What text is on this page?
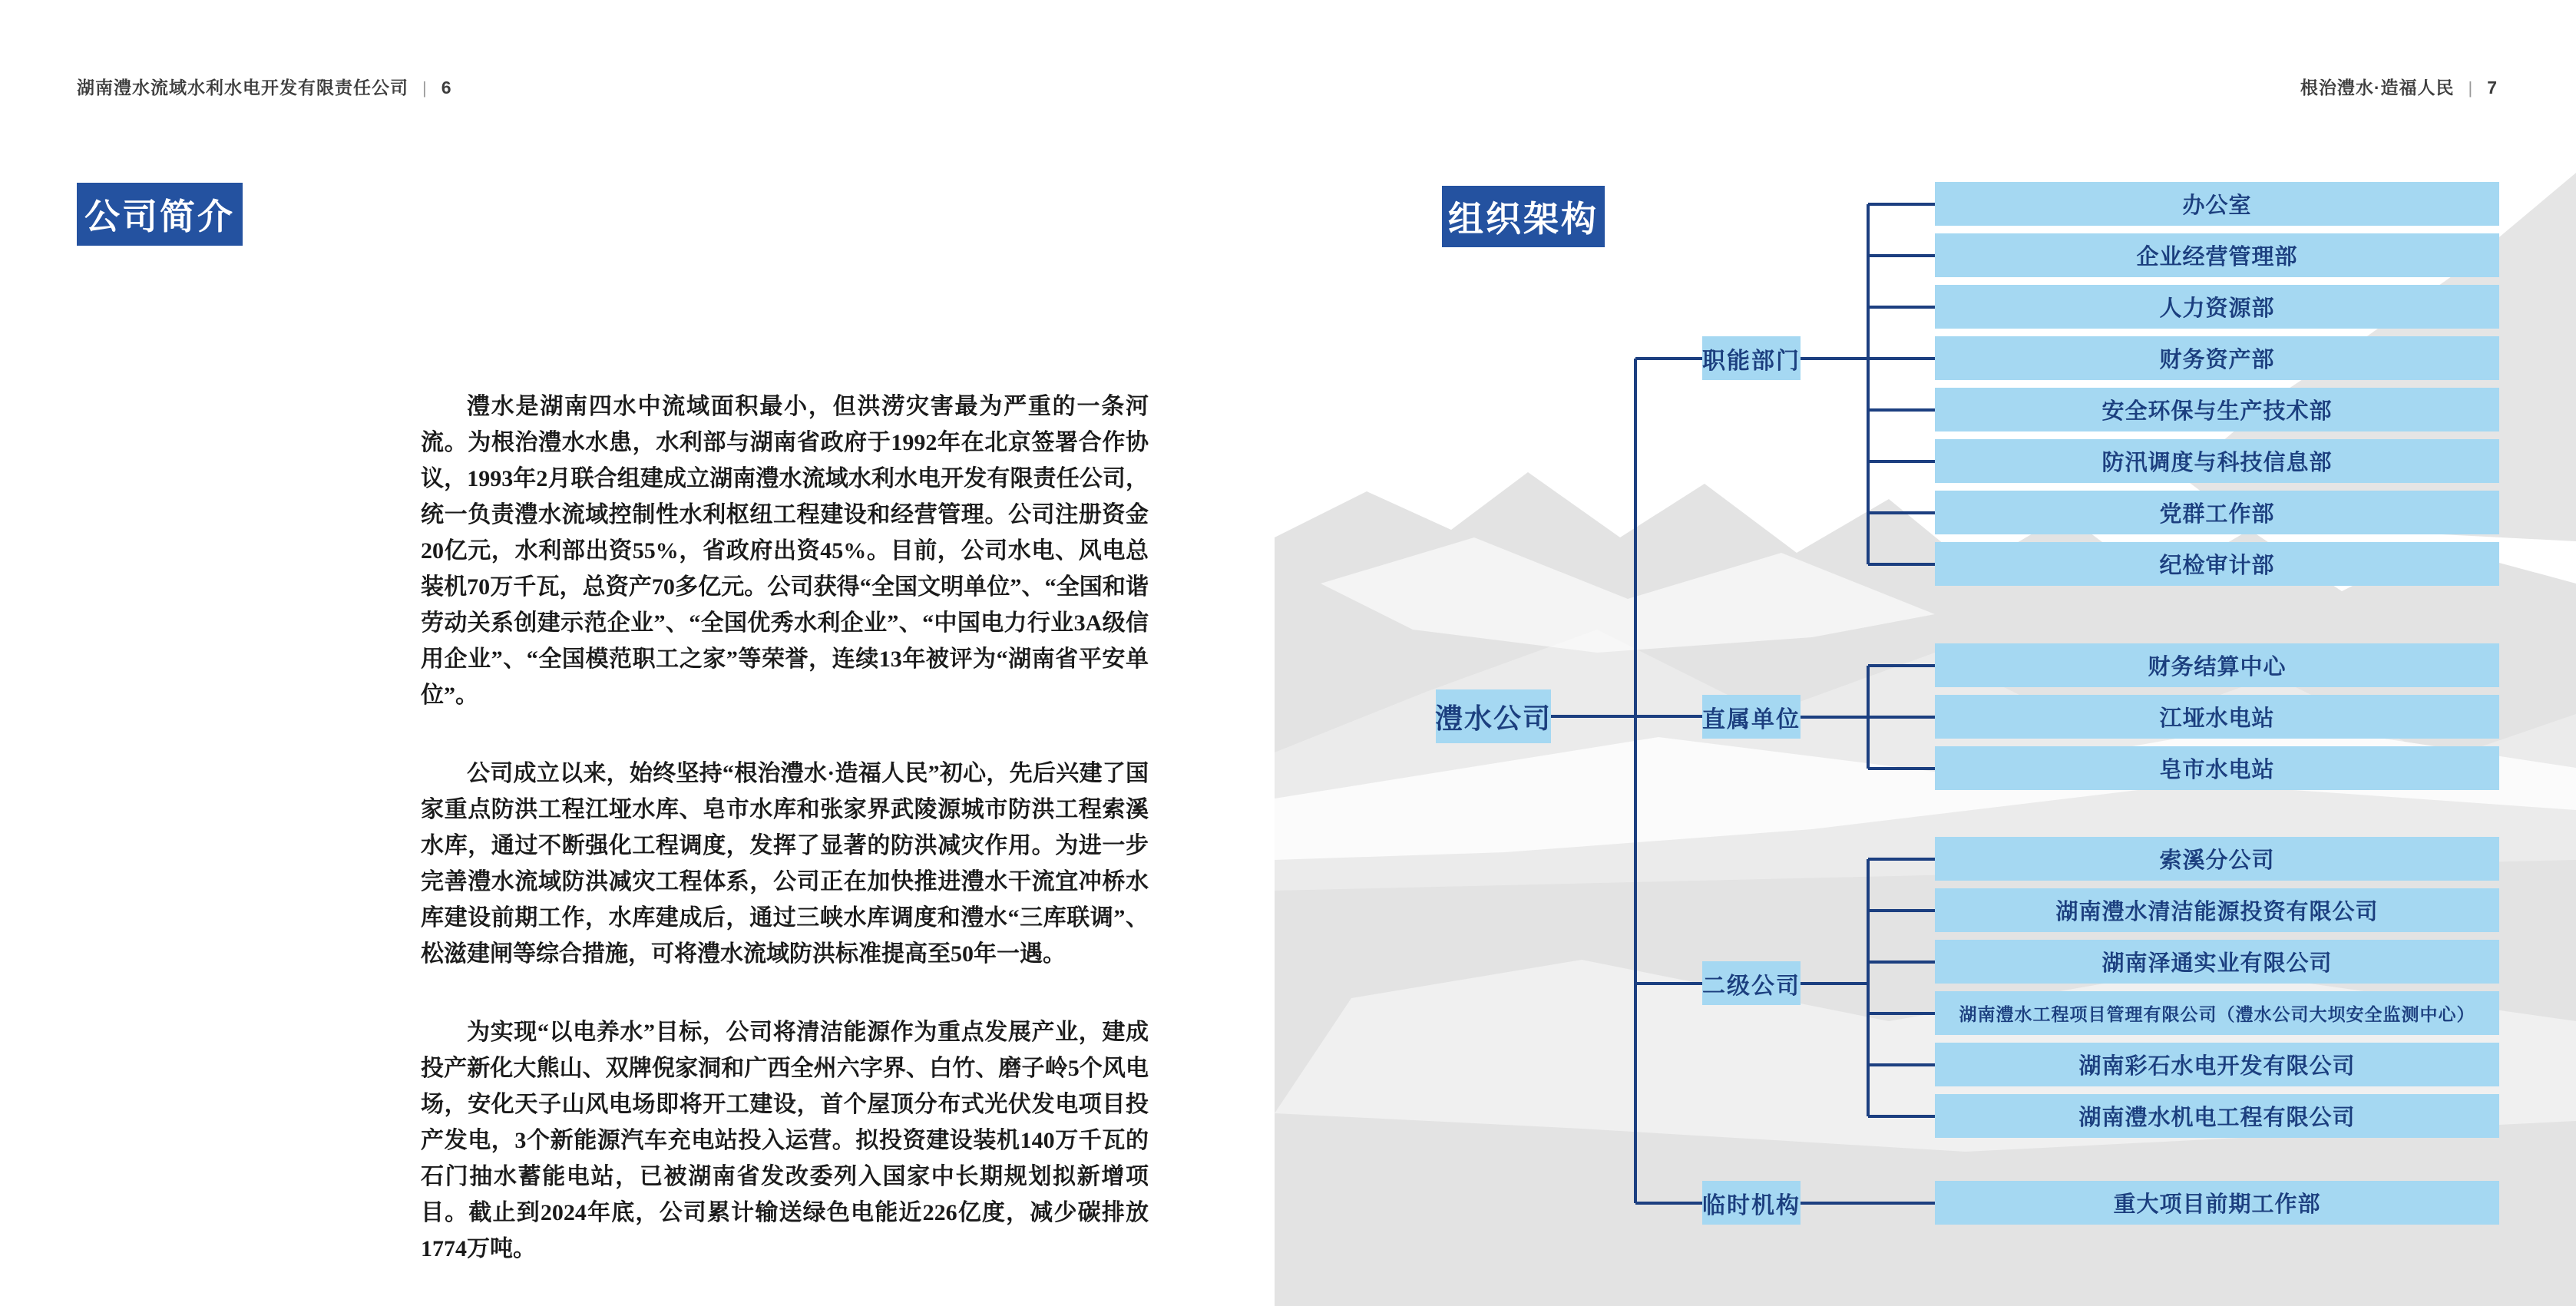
湖南澧水流域水利水电开发有限责任公司 | 6	根治澧水·造福人民 | 7
公司简介	组织架构

澧水是湖南四水中流域面积最小，但洪涝灾害最为严重的一条河流。为根治澧水水患，水利部与湖南省政府于1992年在北京签署合作协议，1993年2月联合组建成立湖南澧水流域水利水电开发有限责任公司，统一负责澧水流域控制性水利枢纽工程建设和经营管理。公司注册资金20亿元，水利部出资55%，省政府出资45%。目前，公司水电、风电总装机70万千瓦，总资产70多亿元。公司获得“全国文明单位”、“全国和谐劳动关系创建示范企业”、“全国优秀水利企业”、“中国电力行业3A级信用企业”、“全国模范职工之家”等荣誉，连续13年被评为“湖南省平安单位”。

公司成立以来，始终坚持“根治澧水·造福人民”初心，先后兴建了国家重点防洪工程江垭水库、皂市水库和张家界武陵源城市防洪工程索溪水库，通过不断强化工程调度，发挥了显著的防洪减灾作用。为进一步完善澧水流域防洪减灾工程体系，公司正在加快推进澧水干流宜冲桥水库建设前期工作，水库建成后，通过三峡水库调度和澧水“三库联调”、松滋建闸等综合措施，可将澧水流域防洪标准提高至50年一遇。

为实现“以电养水”目标，公司将清洁能源作为重点发展产业，建成投产新化大熊山、双牌倪家洞和广西全州六字界、白竹、磨子岭5个风电场，安化天子山风电场即将开工建设，首个屋顶分布式光伏发电项目投产发电，3个新能源汽车充电站投入运营。拟投资建设装机140万千瓦的石门抽水蓄能电站，已被湖南省发改委列入国家中长期规划拟新增项目。截止到2024年底，公司累计输送绿色电能近226亿度，减少碳排放1774万吨。

澧水公司
职能部门
办公室
企业经营管理部
人力资源部
财务资产部
安全环保与生产技术部
防汛调度与科技信息部
党群工作部
纪检审计部
直属单位
财务结算中心
江垭水电站
皂市水电站
二级公司
索溪分公司
湖南澧水清洁能源投资有限公司
湖南泽通实业有限公司
湖南澧水工程项目管理有限公司（澧水公司大坝安全监测中心）
湖南彩石水电开发有限公司
湖南澧水机电工程有限公司
临时机构	重大项目前期工作部
